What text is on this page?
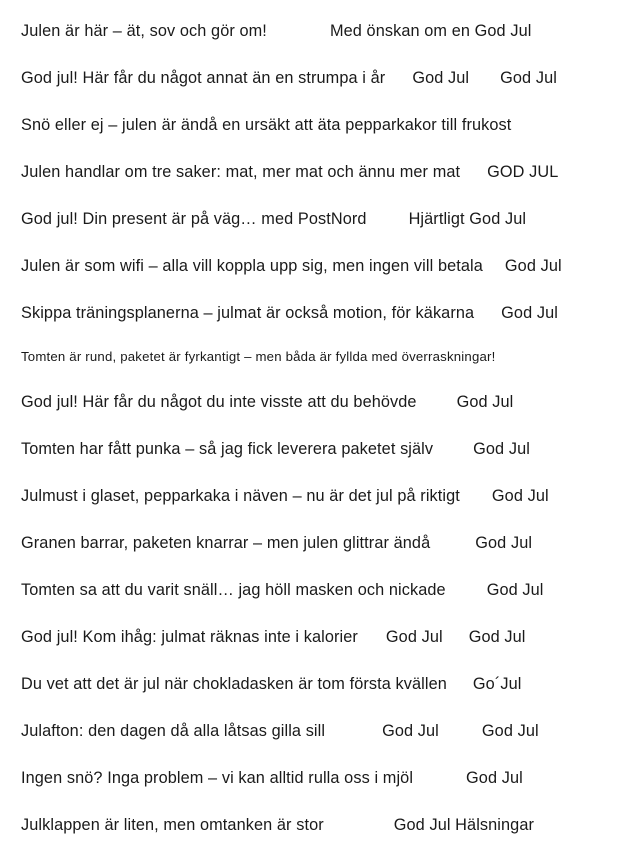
Julen är här – ät, sov och gör om!	Med önskan om en God Jul
God jul! Här får du något annat än en strumpa i år God Jul God Jul
Snö eller ej – julen är ändå en ursäkt att äta pepparkakor till frukost
Julen handlar om tre saker: mat, mer mat och ännu mer mat GOD JUL
God jul! Din present är på väg… med PostNord	Hjärtligt God Jul
Julen är som wifi – alla vill koppla upp sig, men ingen vill betala God Jul
Skippa träningsplanerna – julmat är också motion, för käkarna God Jul
Tomten är rund, paketet är fyrkantigt – men båda är fyllda med överraskningar!
God jul! Här får du något du inte visste att du behövde God Jul
Tomten har fått punka – så jag fick leverera paketet själv God Jul
Julmust i glaset, pepparkaka i näven – nu är det jul på riktigt God Jul
Granen barrar, paketen knarrar – men julen glittrar ändå	God Jul
Tomten sa att du varit snäll… jag höll masken och nickade	God Jul
God jul! Kom ihåg: julmat räknas inte i kalorier God Jul God Jul
Du vet att det är jul när chokladasken är tom första kvällen Go´Jul
Julafton: den dagen då alla låtsas gilla sill	God Jul	God Jul
Ingen snö? Inga problem – vi kan alltid rulla oss i mjöl	God Jul
Julklappen är liten, men omtanken är stor	God Jul Hälsningar
